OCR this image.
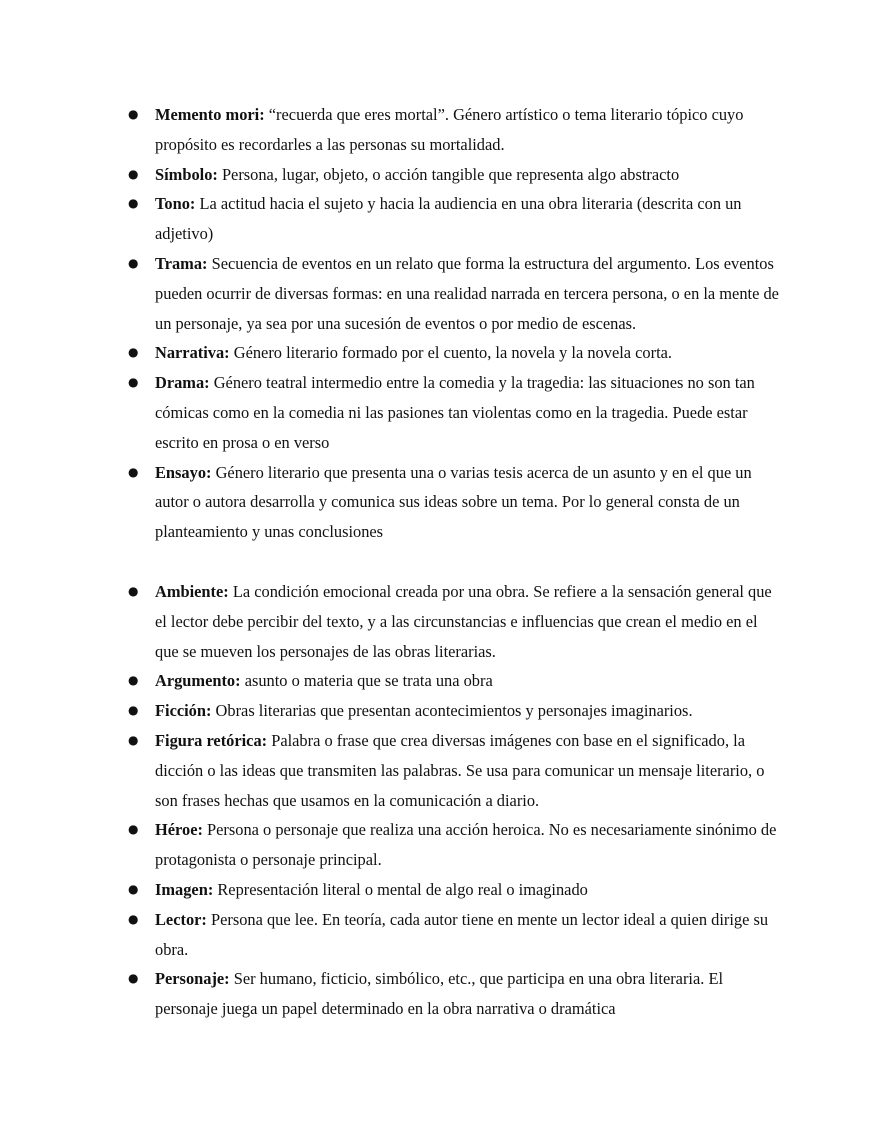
● Memento mori: “recuerda que eres mortal”. Género artístico o tema literario tópico cuyo propósito es recordarles a las personas su mortalidad.
● Símbolo: Persona, lugar, objeto, o acción tangible que representa algo abstracto
● Tono: La actitud hacia el sujeto y hacia la audiencia en una obra literaria (descrita con un adjetivo)
● Trama: Secuencia de eventos en un relato que forma la estructura del argumento. Los eventos pueden ocurrir de diversas formas: en una realidad narrada en tercera persona, o en la mente de un personaje, ya sea por una sucesión de eventos o por medio de escenas.
● Narrativa: Género literario formado por el cuento, la novela y la novela corta.
● Drama: Género teatral intermedio entre la comedia y la tragedia: las situaciones no son tan cómicas como en la comedia ni las pasiones tan violentas como en la tragedia. Puede estar escrito en prosa o en verso
● Ensayo: Género literario que presenta una o varias tesis acerca de un asunto y en el que un autor o autora desarrolla y comunica sus ideas sobre un tema. Por lo general consta de un planteamiento y unas conclusiones
● Ambiente: La condición emocional creada por una obra. Se refiere a la sensación general que el lector debe percibir del texto, y a las circunstancias e influencias que crean el medio en el que se mueven los personajes de las obras literarias.
● Argumento: asunto o materia que se trata una obra
● Ficción: Obras literarias que presentan acontecimientos y personajes imaginarios.
● Figura retórica: Palabra o frase que crea diversas imágenes con base en el significado, la dicción o las ideas que transmiten las palabras. Se usa para comunicar un mensaje literario, o son frases hechas que usamos en la comunicación a diario.
● Héroe: Persona o personaje que realiza una acción heroica. No es necesariamente sinónimo de protagonista o personaje principal.
● Imagen: Representación literal o mental de algo real o imaginado
● Lector: Persona que lee. En teoría, cada autor tiene en mente un lector ideal a quien dirige su obra.
● Personaje: Ser humano, ficticio, simbólico, etc., que participa en una obra literaria. El personaje juega un papel determinado en la obra narrativa o dramática
